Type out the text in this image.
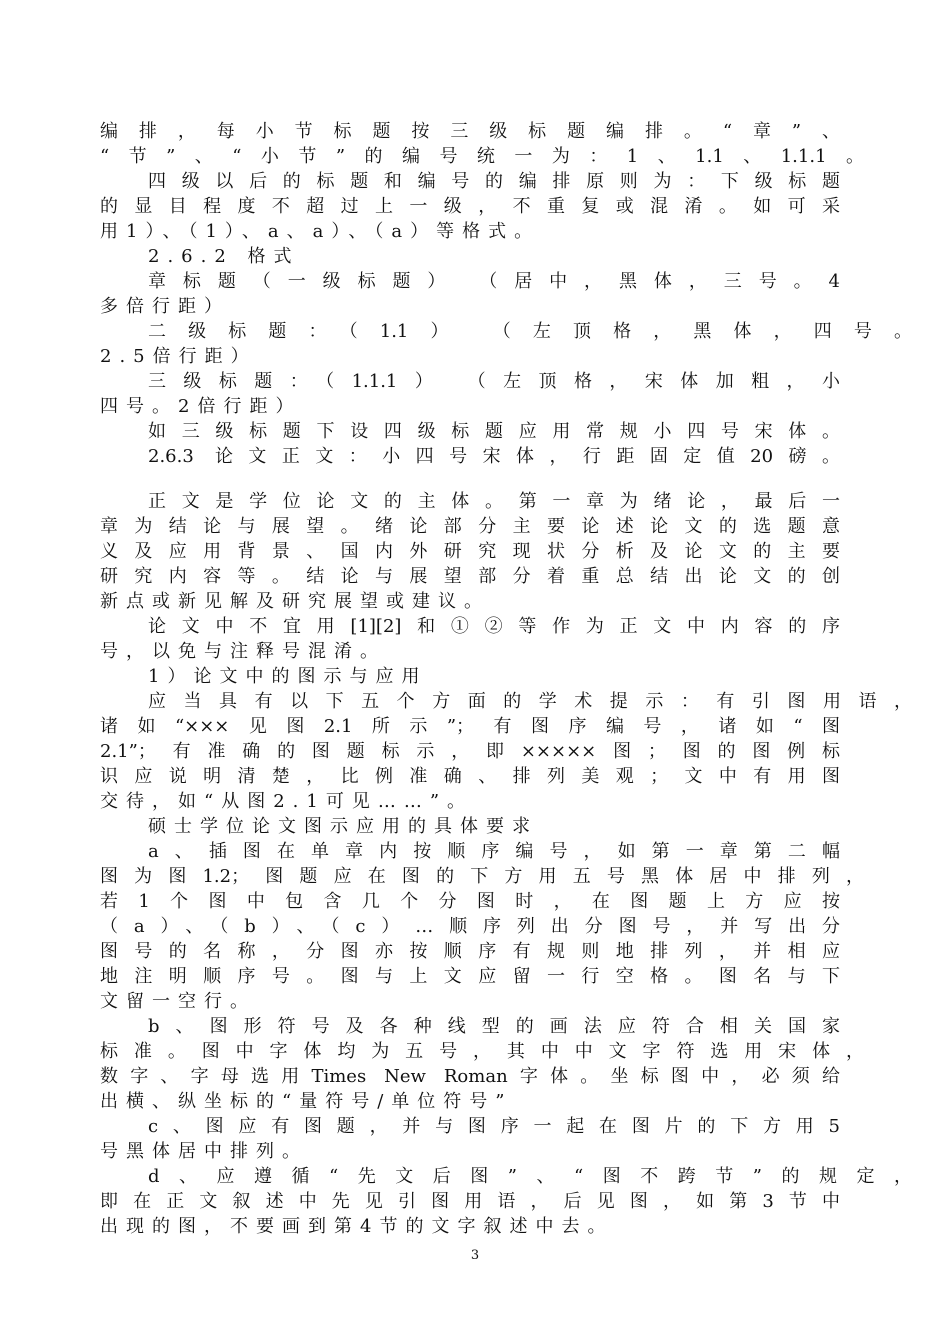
编排，每小节标题按三级标题编排。“章”、
“节”、“小节”的编号统一为：1、1.1、1.1.1。
四级以后的标题和编号的编排原则为：下级标题
的显目程度不超过上一级，不重复或混淆。如可采
用1）、（1）、a、a）、（a）等格式。
2.6.2 格式
章标题（一级标题）　（居中，黑体，三号。4
多倍行距）
二级标题：（1.1）　（左顶格，黑体，四号。
2.5倍行距）
三级标题：（1.1.1）　（左顶格，宋体加粗，小
四号。2倍行距）
如三级标题下设四级标题应用常规小四号宋体。
2.6.3 论文正文：小四号宋体，行距固定值20磅。
正文是学位论文的主体。第一章为绪论，最后一
章为结论与展望。绪论部分主要论述论文的选题意
义及应用背景、国内外研究现状分析及论文的主要
研究内容等。结论与展望部分着重总结出论文的创
新点或新见解及研究展望或建议。
论文中不宜用[1][2]和①②等作为正文中内容的序
号，以免与注释号混淆。
1）论文中的图示与应用
应当具有以下五个方面的学术提示：有引图用语，
诸如“×××见图2.1所示”；有图序编号，诸如“图
2.1”；有准确的图题标示，即×××××图；图的图例标
识应说明清楚，比例准确、排列美观；文中有用图
交待，如“从图2.1可见……”。
硕士学位论文图示应用的具体要求
a、插图在单章内按顺序编号，如第一章第二幅
图为图1.2；图题应在图的下方用五号黑体居中排列，
若1个图中包含几个分图时，在图题上方应按
（a）、（b）、（c）…顺序列出分图号，并写出分
图号的名称，分图亦按顺序有规则地排列，并相应
地注明顺序号。图与上文应留一行空格。图名与下
文留一空行。
b、图形符号及各种线型的画法应符合相关国家
标准。图中字体均为五号，其中中文字符选用宋体，
数字、字母选用Times New Roman字体。坐标图中，必须给
出横、纵坐标的“量符号/单位符号”
c、图应有图题，并与图序一起在图片的下方用5
号黑体居中排列。
d、应遵循“先文后图”、“图不跨节”的规定，
即在正文叙述中先见引图用语，后见图，如第3节中
出现的图，不要画到第4节的文字叙述中去。
3
